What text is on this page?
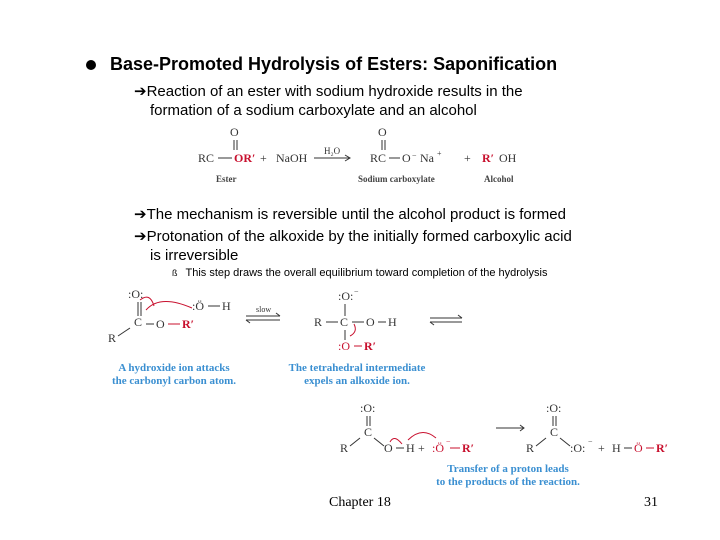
Base-Promoted Hydrolysis of Esters: Saponification
➔Reaction of an ester with sodium hydroxide results in the
formation of a sodium carboxylate and an alcohol
O
RC OR′ + NaOH H₂O
O
RC O − Na + + R′ OH
Ester	Sodium carboxylate	Alcohol
➔The mechanism is reversible until the alcohol product is formed
➔Protonation of the alkoxide by the initially formed carboxylic acid
is irreversible
ß This step draws the overall equilibrium toward completion of the hydrolysis
:O:
C
R
O R′
:Ö H	slow
:O: −
R C O H
:O R′
A hydroxide ion attacks
the carbonyl carbon atom.
The tetrahedral intermediate
expels an alkoxide ion.
:O:
C
R	O H + :Ö − R′
:O:
C
R	:O: − + H Ö R′
Transfer of a proton leads
to the products of the reaction.
Chapter 18	31
